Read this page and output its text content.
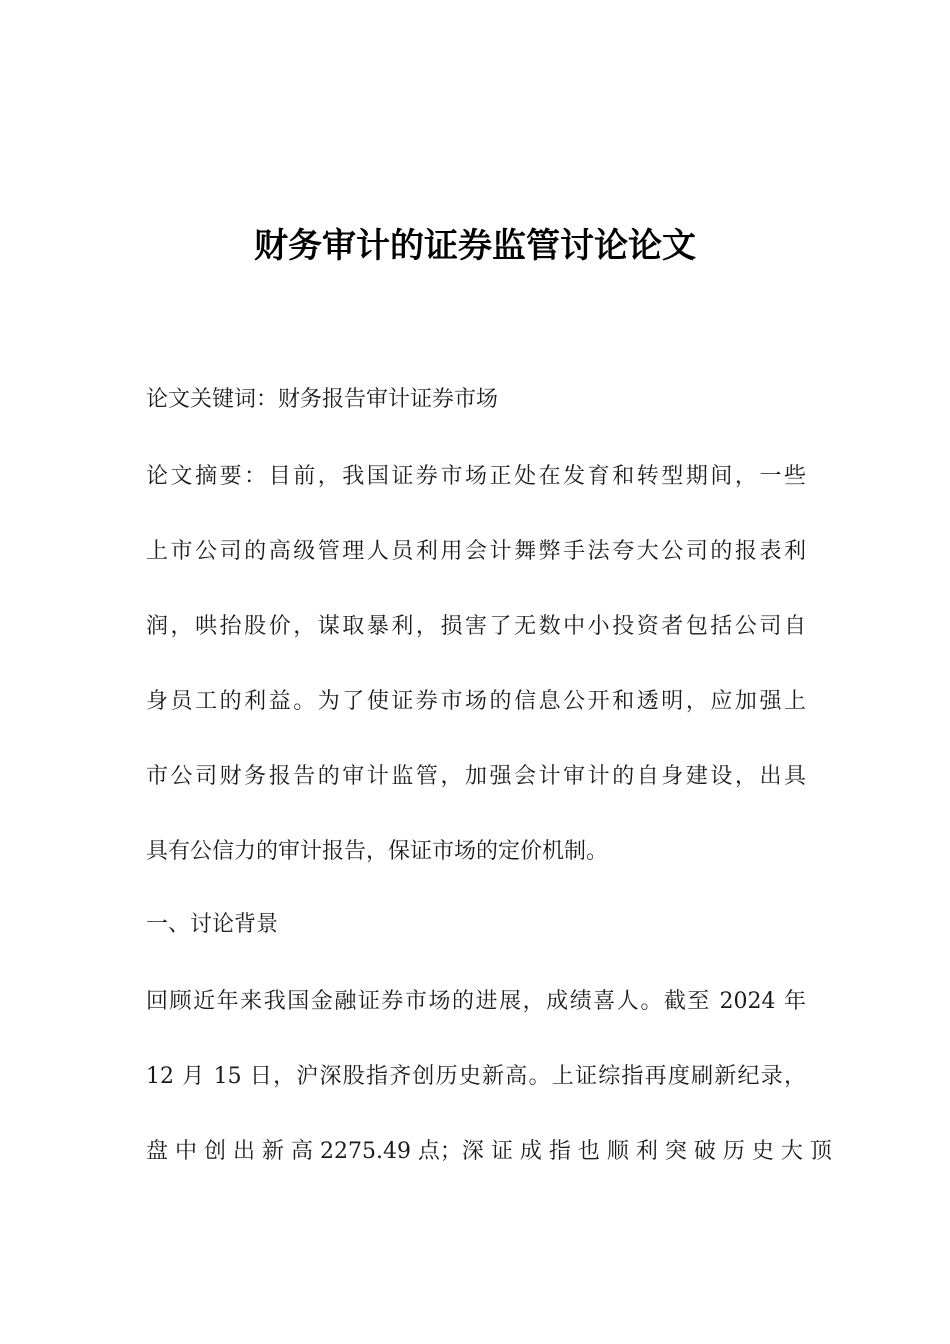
财务审计的证券监管讨论论文
论文关键词：财务报告审计证券市场
论文摘要：目前，我国证券市场正处在发育和转型期间，一些
上市公司的高级管理人员利用会计舞弊手法夸大公司的报表利
润，哄抬股价，谋取暴利，损害了无数中小投资者包括公司自
身员工的利益。为了使证券市场的信息公开和透明，应加强上
市公司财务报告的审计监管，加强会计审计的自身建设，出具
具有公信力的审计报告，保证市场的定价机制。
一、讨论背景
回顾近年来我国金融证券市场的进展，成绩喜人。截至 2024 年
12 月 15 日，沪深股指齐创历史新高。上证综指再度刷新纪录，
盘 中 创 出 新 高 2275.49 点；深 证 成 指 也 顺 利 突 破 历 史 大 顶
